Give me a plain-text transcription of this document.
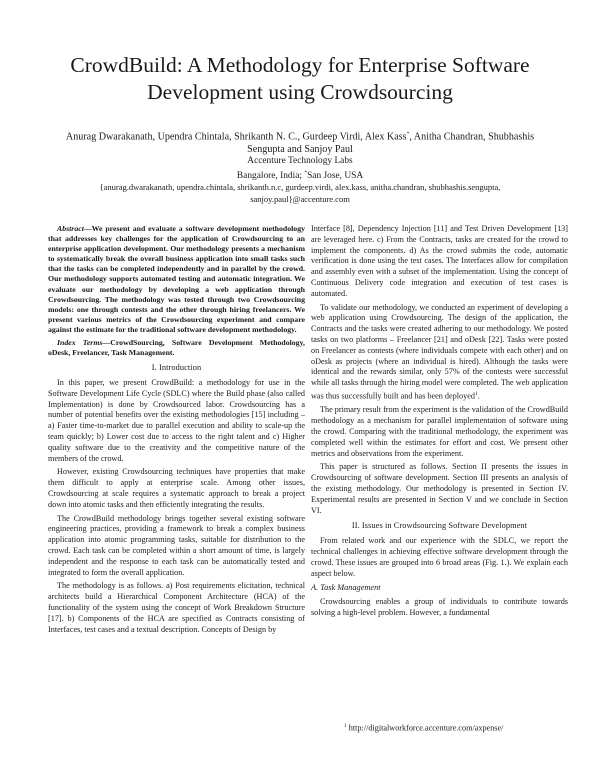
CrowdBuild: A Methodology for Enterprise Software Development using Crowdsourcing
Anurag Dwarakanath, Upendra Chintala, Shrikanth N. C., Gurdeep Virdi, Alex Kass*, Anitha Chandran, Shubhashis
Sengupta and Sanjoy Paul
Accenture Technology Labs
Bangalore, India; *San Jose, USA
{anurag.dwarakanath, upendra.chintala, shrikanth.n.c, gurdeep.virdi, alex.kass, anitha.chandran, shubhashis.sengupta,
sanjoy.paul}@accenture.com

Abstract—We present and evaluate a software development methodology that addresses key challenges for the application of Crowdsourcing to an enterprise application development. Our methodology presents a mechanism to systematically break the overall business application into small tasks such that the tasks can be completed independently and in parallel by the crowd. Our methodology supports automated testing and automatic integration. We evaluate our methodology by developing a web application through Crowdsourcing. The methodology was tested through two Crowdsourcing models: one through contests and the other through hiring freelancers. We present various metrics of the Crowdsourcing experiment and compare against the estimate for the traditional software development methodology.

Index Terms—CrowdSourcing, Software Development Methodology, oDesk, Freelancer, Task Management.

I. Introduction

In this paper, we present CrowdBuild: a methodology for use in the Software Development Life Cycle (SDLC) where the Build phase (also called Implementation) is done by Crowdsourced labor. Crowdsourcing has a number of potential benefits over the existing methodologies [15] including – a) Faster time-to-market due to parallel execution and ability to scale-up the team quickly; b) Lower cost due to access to the right talent and c) Higher quality software due to the creativity and the competitive nature of the members of the crowd.

However, existing Crowdsourcing techniques have properties that make them difficult to apply at enterprise scale. Among other issues, Crowdsourcing at scale requires a systematic approach to break a project down into atomic tasks and then efficiently integrating the results.

The CrowdBuild methodology brings together several existing software engineering practices, providing a framework to break a complex business application into atomic programming tasks, suitable for distribution to the crowd. Each task can be completed within a short amount of time, is largely independent and the response to each task can be automatically tested and integrated to form the overall application.

The methodology is as follows. a) Post requirements elicitation, technical architects build a Hierarchical Component Architecture (HCA) of the functionality of the system using the concept of Work Breakdown Structure [17]. b) Components of the HCA are specified as Contracts consisting of Interfaces, test cases and a textual description. Concepts of Design by

Interface [8], Dependency Injection [11] and Test Driven Development [13] are leveraged here. c) From the Contracts, tasks are created for the crowd to implement the components. d) As the crowd submits the code, automatic verification is done using the test cases. The Interfaces allow for compilation and assembly even with a subset of the implementation. Using the concept of Continuous Delivery code integration and execution of test cases is automated.

To validate our methodology, we conducted an experiment of developing a web application using Crowdsourcing. The design of the application, the Contracts and the tasks were created adhering to our methodology. We posted tasks on two platforms – Freelancer [21] and oDesk [22]. Tasks were posted on Freelancer as contests (where individuals compete with each other) and on oDesk as projects (where an individual is hired). Although the tasks were identical and the rewards similar, only 57% of the contests were successful while all tasks through the hiring model were completed. The web application was thus successfully built and has been deployed$^1$.

The primary result from the experiment is the validation of the CrowdBuild methodology as a mechanism for parallel implementation of software using the crowd. Comparing with the traditional methodology, the experiment was completed well within the estimates for effort and cost. We present other metrics and observations from the experiment.

This paper is structured as follows. Section II presents the issues in Crowdsourcing of software development. Section III presents an analysis of the existing methodology. Our methodology is presented in Section IV. Experimental results are presented in Section V and we conclude in Section VI.

II. Issues in Crowdsourcing Software Development

From related work and our experience with the SDLC, we report the technical challenges in achieving effective software development through the crowd. These issues are grouped into 6 broad areas (Fig. 1.). We explain each aspect below.

A. Task Management

Crowdsourcing enables a group of individuals to contribute towards solving a high-level problem. However, a fundamental

$^1$ http://digitalworkforce.accenture.com/axpense/
